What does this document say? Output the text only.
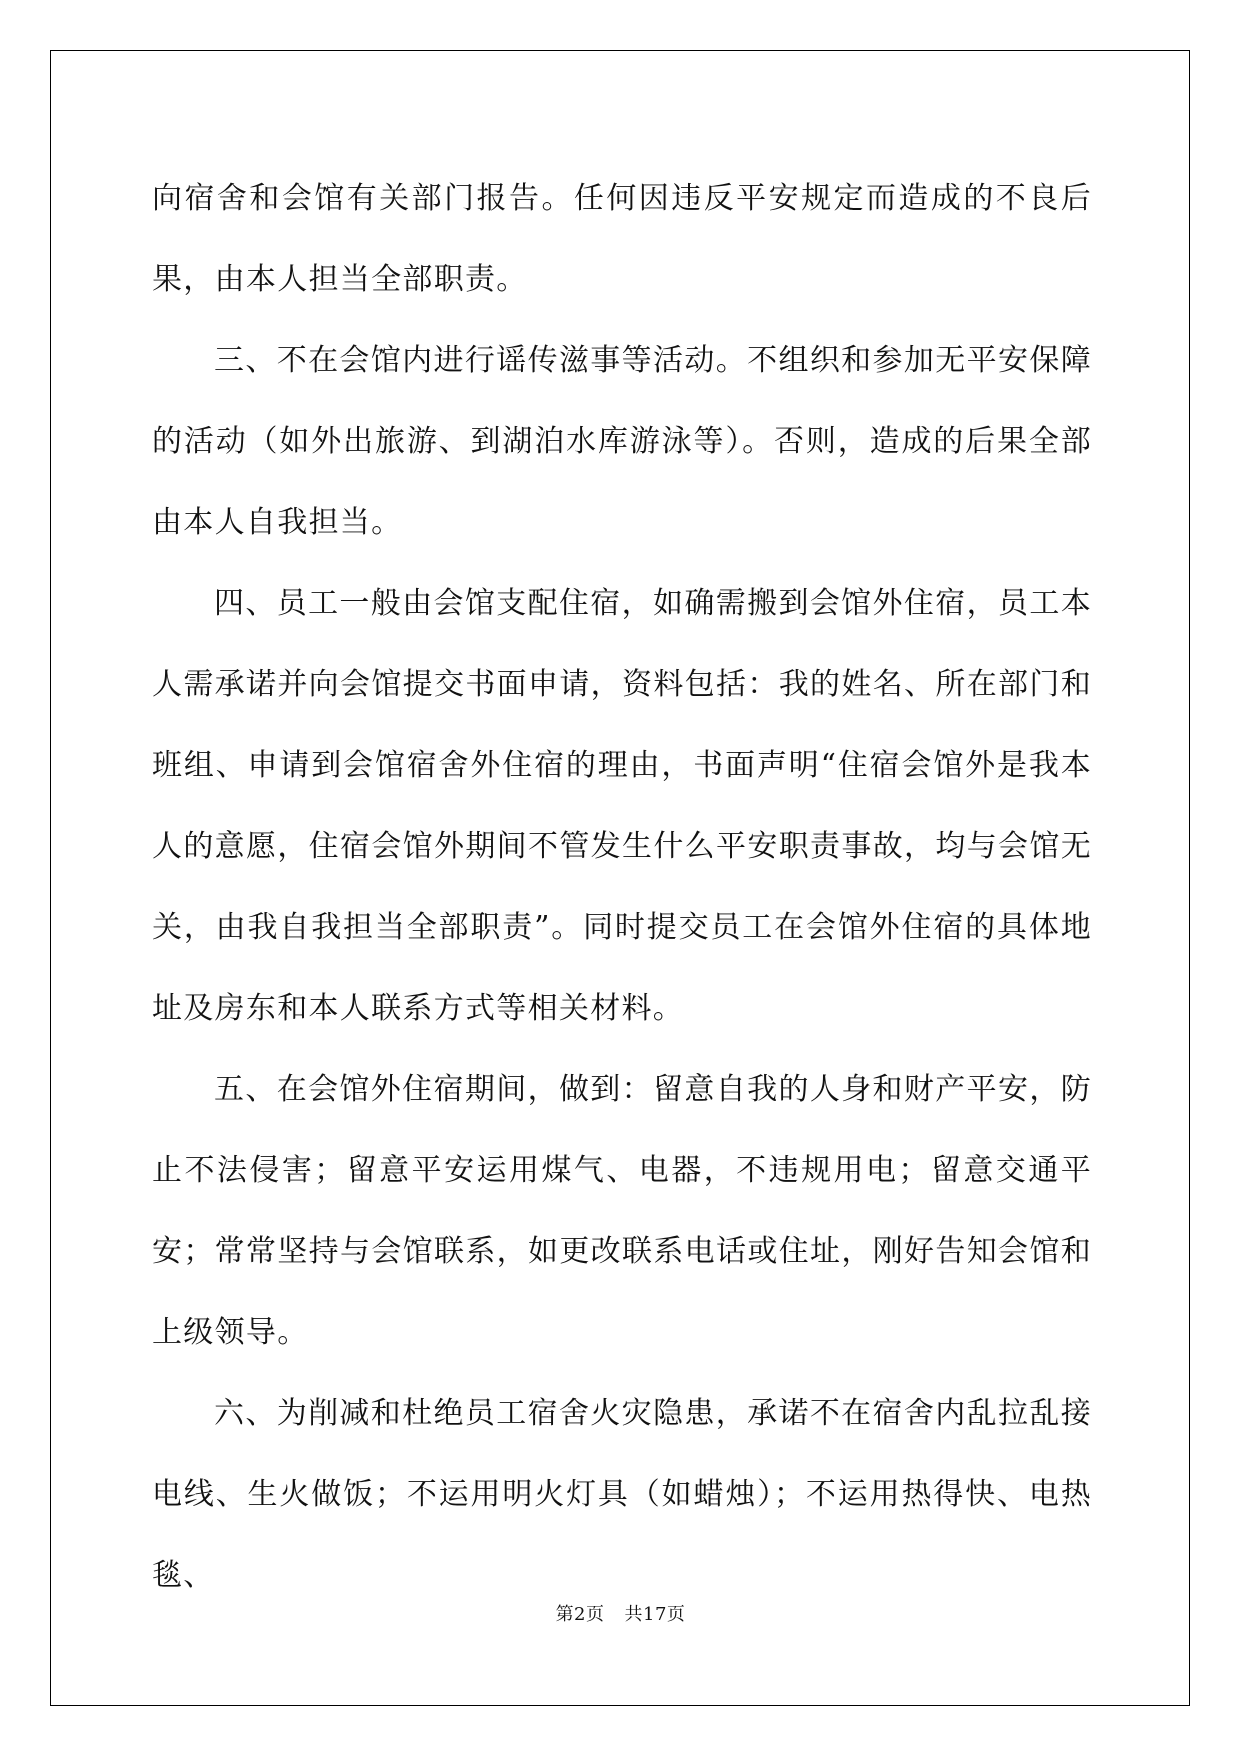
向宿舍和会馆有关部门报告。任何因违反平安规定而造成的不良后果，由本人担当全部职责。

三、不在会馆内进行谣传滋事等活动。不组织和参加无平安保障的活动（如外出旅游、到湖泊水库游泳等）。否则，造成的后果全部由本人自我担当。

四、员工一般由会馆支配住宿，如确需搬到会馆外住宿，员工本人需承诺并向会馆提交书面申请，资料包括：我的姓名、所在部门和班组、申请到会馆宿舍外住宿的理由，书面声明“住宿会馆外是我本人的意愿，住宿会馆外期间不管发生什么平安职责事故，均与会馆无关，由我自我担当全部职责”。同时提交员工在会馆外住宿的具体地址及房东和本人联系方式等相关材料。

五、在会馆外住宿期间，做到：留意自我的人身和财产平安，防止不法侵害；留意平安运用煤气、电器，不违规用电；留意交通平安；常常坚持与会馆联系，如更改联系电话或住址，刚好告知会馆和上级领导。

六、为削减和杜绝员工宿舍火灾隐患，承诺不在宿舍内乱拉乱接电线、生火做饭；不运用明火灯具（如蜡烛）；不运用热得快、电热毯、

第2页 共17页
